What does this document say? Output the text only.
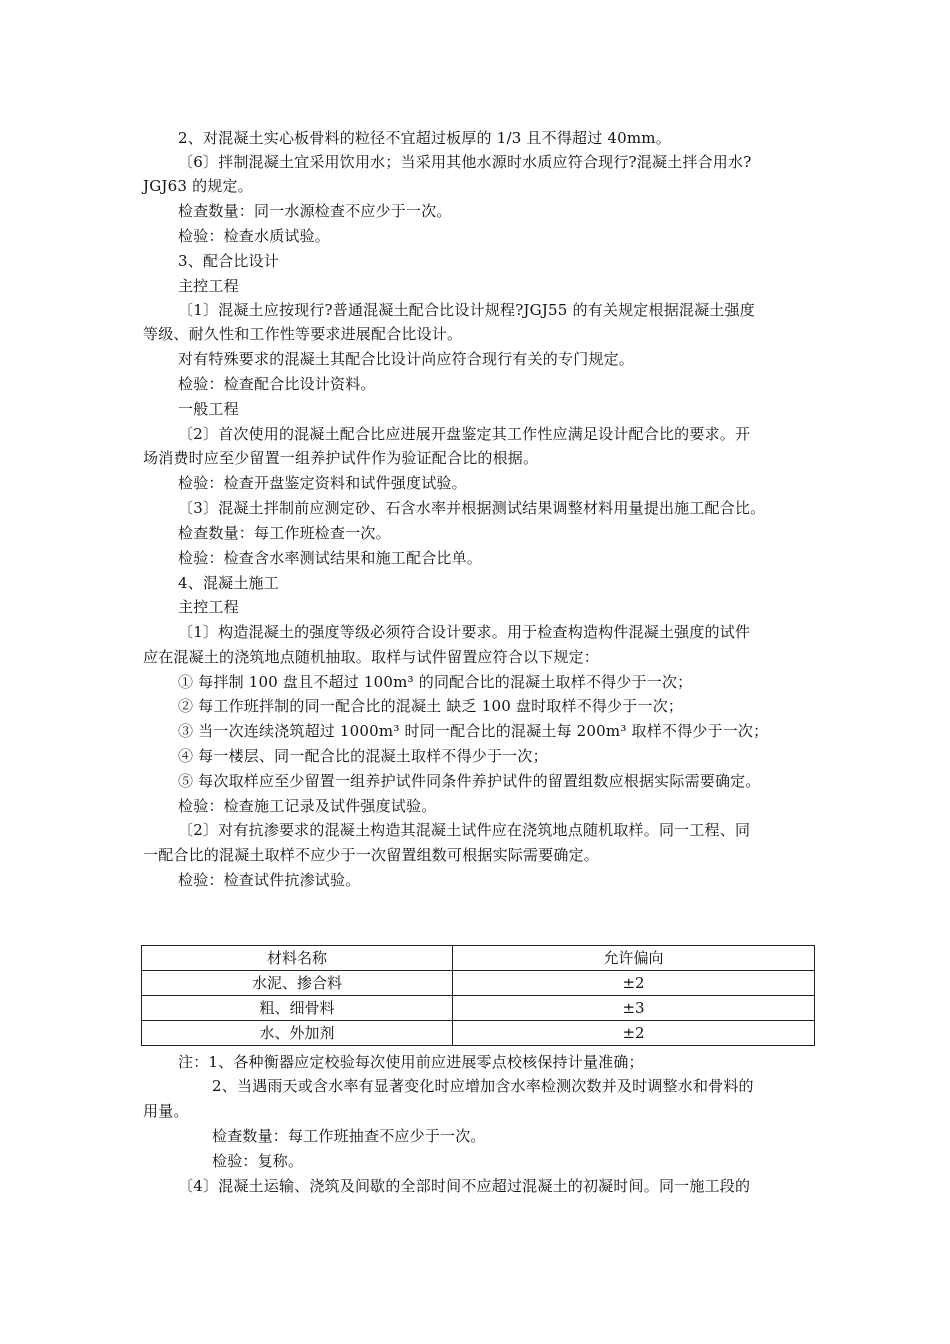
2、对混凝土实心板骨料的粒径不宜超过板厚的 1/3 且不得超过 40mm。
〔6〕拌制混凝土宜采用饮用水；当采用其他水源时水质应符合现行?混凝土拌合用水?
JGJ63 的规定。
检查数量：同一水源检查不应少于一次。
检验：检查水质试验。
3、配合比设计
主控工程
〔1〕混凝土应按现行?普通混凝土配合比设计规程?JGJ55 的有关规定根据混凝土强度
等级、耐久性和工作性等要求进展配合比设计。
对有特殊要求的混凝土其配合比设计尚应符合现行有关的专门规定。
检验：检查配合比设计资料。
一般工程
〔2〕首次使用的混凝土配合比应进展开盘鉴定其工作性应满足设计配合比的要求。开
场消费时应至少留置一组养护试件作为验证配合比的根据。
检验：检查开盘鉴定资料和试件强度试验。
〔3〕混凝土拌制前应测定砂、石含水率并根据测试结果调整材料用量提出施工配合比。
检查数量：每工作班检查一次。
检验：检查含水率测试结果和施工配合比单。
4、混凝土施工
主控工程
〔1〕构造混凝土的强度等级必须符合设计要求。用于检查构造构件混凝土强度的试件
应在混凝土的浇筑地点随机抽取。取样与试件留置应符合以下规定：
① 每拌制 100 盘且不超过 100m³ 的同配合比的混凝土取样不得少于一次；
② 每工作班拌制的同一配合比的混凝土 缺乏 100 盘时取样不得少于一次；
③ 当一次连续浇筑超过 1000m³ 时同一配合比的混凝土每 200m³ 取样不得少于一次；
④ 每一楼层、同一配合比的混凝土取样不得少于一次；
⑤ 每次取样应至少留置一组养护试件同条件养护试件的留置组数应根据实际需要确定。
检验：检查施工记录及试件强度试验。
〔2〕对有抗渗要求的混凝土构造其混凝土试件应在浇筑地点随机取样。同一工程、同
一配合比的混凝土取样不应少于一次留置组数可根据实际需要确定。
检验：检查试件抗渗试验。
材料名称	允许偏向
水泥、掺合料	±2
粗、细骨料	±3
水、外加剂	±2
注：1、各种衡器应定校验每次使用前应进展零点校核保持计量准确；
2、当遇雨天或含水率有显著变化时应增加含水率检测次数并及时调整水和骨料的
用量。
检查数量：每工作班抽查不应少于一次。
检验：复称。
〔4〕混凝土运输、浇筑及间歇的全部时间不应超过混凝土的初凝时间。同一施工段的
